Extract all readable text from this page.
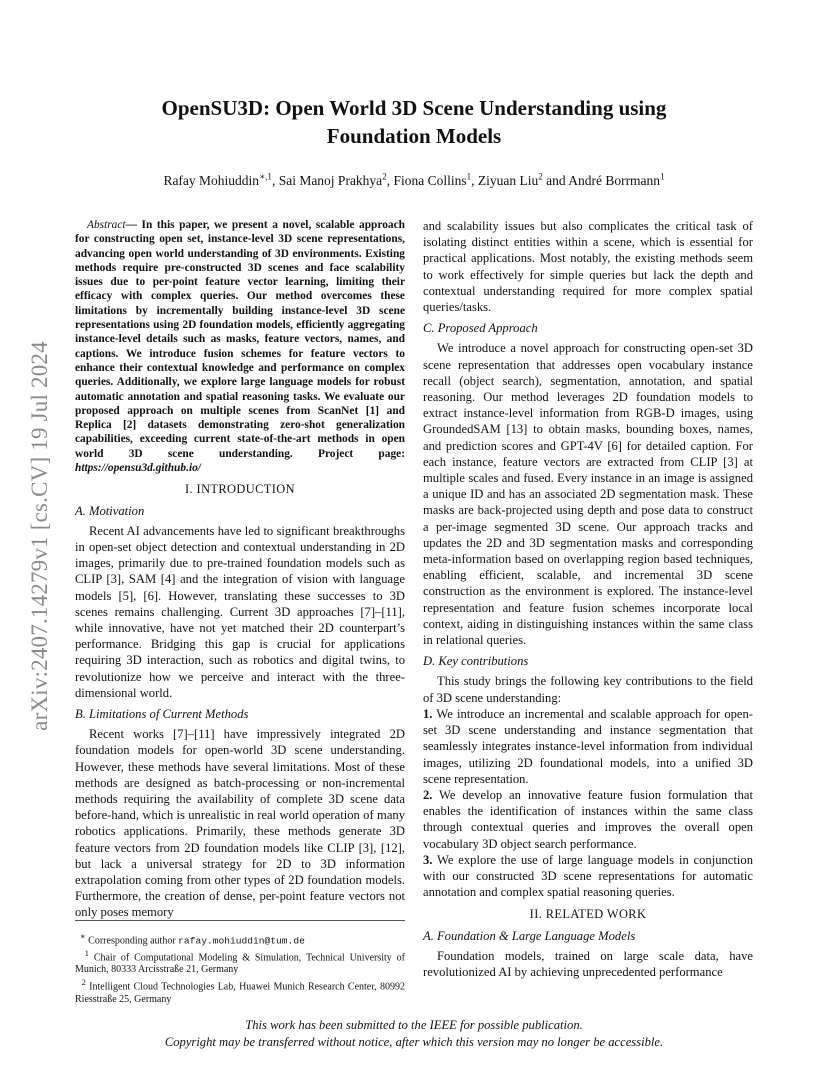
arXiv:2407.14279v1 [cs.CV] 19 Jul 2024
OpenSU3D: Open World 3D Scene Understanding using
Foundation Models
Rafay Mohiuddin$^{∗,1}$, Sai Manoj Prakhya$^2$, Fiona Collins$^1$, Ziyuan Liu$^2$ and André Borrmann$^1$

Abstract— In this paper, we present a novel, scalable approach for constructing open set, instance-level 3D scene representations, advancing open world understanding of 3D environments. Existing methods require pre-constructed 3D scenes and face scalability issues due to per-point feature vector learning, limiting their efficacy with complex queries. Our method overcomes these limitations by incrementally building instance-level 3D scene representations using 2D foundation models, efficiently aggregating instance-level details such as masks, feature vectors, names, and captions. We introduce fusion schemes for feature vectors to enhance their contextual knowledge and performance on complex queries. Additionally, we explore large language models for robust automatic annotation and spatial reasoning tasks. We evaluate our proposed approach on multiple scenes from ScanNet [1] and Replica [2] datasets demonstrating zero-shot generalization capabilities, exceeding current state-of-the-art methods in open world 3D scene understanding. Project page: https://opensu3d.github.io/

I. INTRODUCTION
A. Motivation

Recent AI advancements have led to significant breakthroughs in open-set object detection and contextual understanding in 2D images, primarily due to pre-trained foundation models such as CLIP [3], SAM [4] and the integration of vision with language models [5], [6]. However, translating these successes to 3D scenes remains challenging. Current 3D approaches [7]–[11], while innovative, have not yet matched their 2D counterpart’s performance. Bridging this gap is crucial for applications requiring 3D interaction, such as robotics and digital twins, to revolutionize how we perceive and interact with the three-dimensional world.

B. Limitations of Current Methods

Recent works [7]–[11] have impressively integrated 2D foundation models for open-world 3D scene understanding. However, these methods have several limitations. Most of these methods are designed as batch-processing or non-incremental methods requiring the availability of complete 3D scene data before-hand, which is unrealistic in real world operation of many robotics applications. Primarily, these methods generate 3D feature vectors from 2D foundation models like CLIP [3], [12], but lack a universal strategy for 2D to 3D information extrapolation coming from other types of 2D foundation models. Furthermore, the creation of dense, per-point feature vectors not only poses memory

∗ Corresponding author rafay.mohiuddin@tum.de

$^1$ Chair of Computational Modeling & Simulation, Technical University of Munich, 80333 Arcisstraße 21, Germany

$^2$ Intelligent Cloud Technologies Lab, Huawei Munich Research Center, 80992 Riesstraße 25, Germany

and scalability issues but also complicates the critical task of isolating distinct entities within a scene, which is essential for practical applications. Most notably, the existing methods seem to work effectively for simple queries but lack the depth and contextual understanding required for more complex spatial queries/tasks.

C. Proposed Approach

We introduce a novel approach for constructing open-set 3D scene representation that addresses open vocabulary instance recall (object search), segmentation, annotation, and spatial reasoning. Our method leverages 2D foundation models to extract instance-level information from RGB-D images, using GroundedSAM [13] to obtain masks, bounding boxes, names, and prediction scores and GPT-4V [6] for detailed caption. For each instance, feature vectors are extracted from CLIP [3] at multiple scales and fused. Every instance in an image is assigned a unique ID and has an associated 2D segmentation mask. These masks are back-projected using depth and pose data to construct a per-image segmented 3D scene. Our approach tracks and updates the 2D and 3D segmentation masks and corresponding meta-information based on overlapping region based techniques, enabling efficient, scalable, and incremental 3D scene construction as the environment is explored. The instance-level representation and feature fusion schemes incorporate local context, aiding in distinguishing instances within the same class in relational queries.

D. Key contributions

This study brings the following key contributions to the field of 3D scene understanding:

1. We introduce an incremental and scalable approach for open-set 3D scene understanding and instance segmentation that seamlessly integrates instance-level information from individual images, utilizing 2D foundational models, into a unified 3D scene representation.

2. We develop an innovative feature fusion formulation that enables the identification of instances within the same class through contextual queries and improves the overall open vocabulary 3D object search performance.

3. We explore the use of large language models in conjunction with our constructed 3D scene representations for automatic annotation and complex spatial reasoning queries.

II. RELATED WORK
A. Foundation & Large Language Models

Foundation models, trained on large scale data, have revolutionized AI by achieving unprecedented performance

This work has been submitted to the IEEE for possible publication.
Copyright may be transferred without notice, after which this version may no longer be accessible.
